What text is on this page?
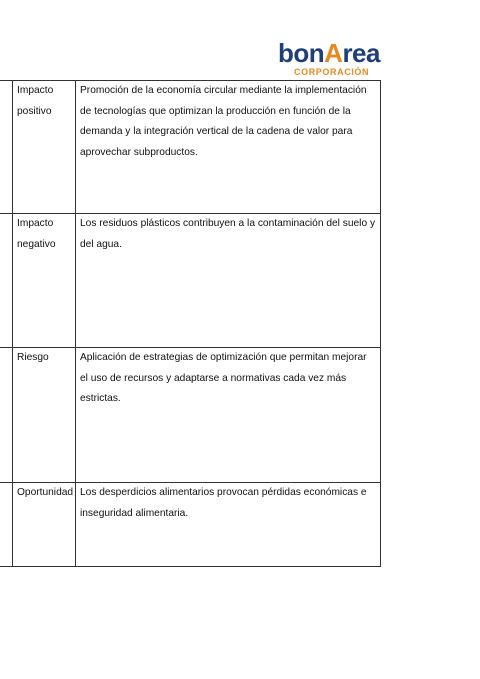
bonArea
CORPORACIÓN

	Impacto positivo	Promoción de la economía circular mediante la implementación de tecnologías que optimizan la producción en función de la demanda y la integración vertical de la cadena de valor para aprovechar subproductos.

	Impacto negativo	Los residuos plásticos contribuyen a la contaminación del suelo y del agua.

	Riesgo	Aplicación de estrategias de optimización que permitan mejorar el uso de recursos y adaptarse a normativas cada vez más estrictas.

	Oportunidad	Los desperdicios alimentarios provocan pérdidas económicas e inseguridad alimentaria.
